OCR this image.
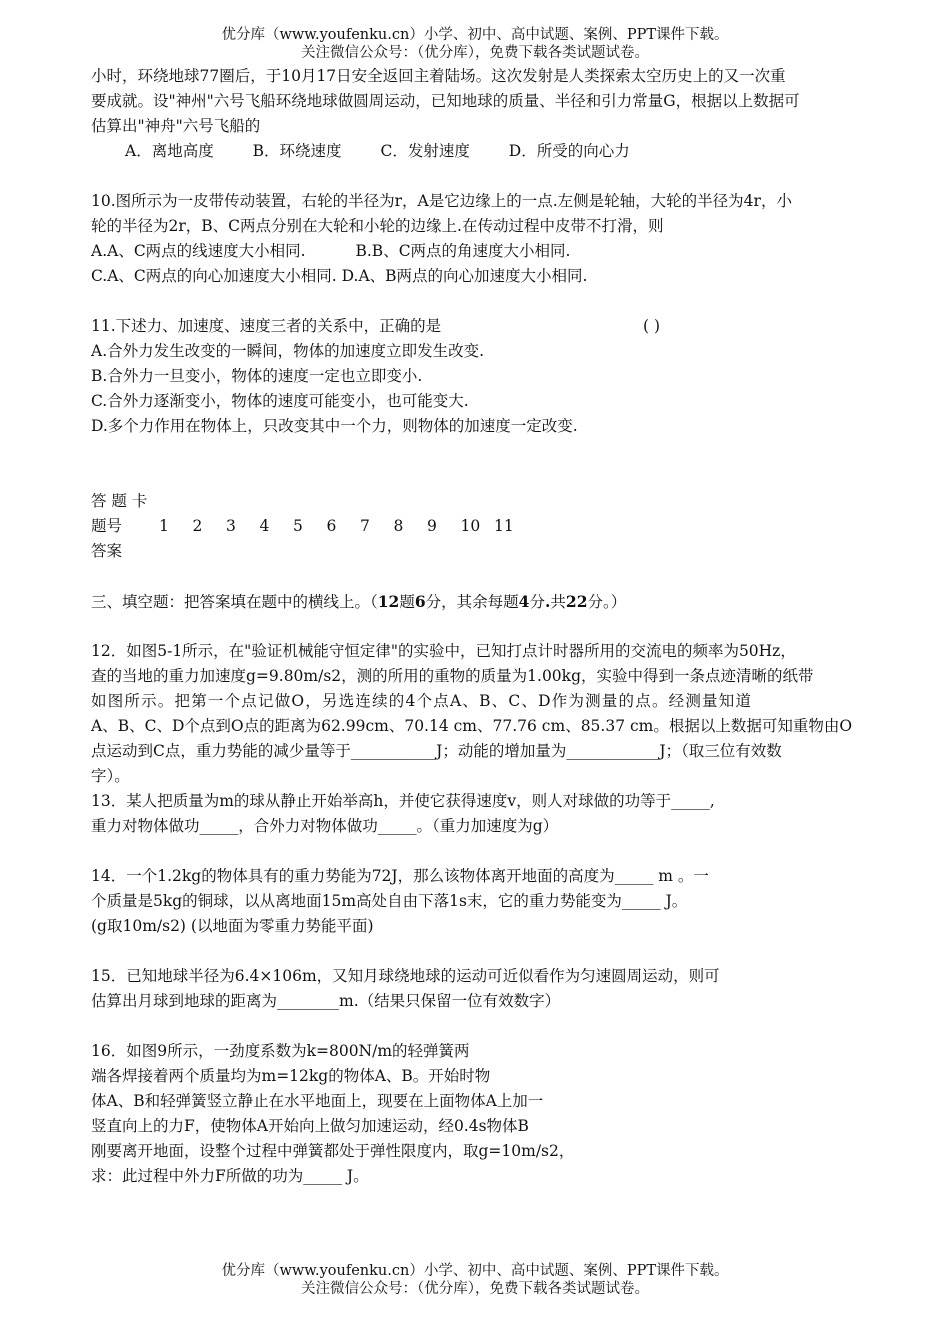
优分库（www.youfenku.cn）小学、初中、高中试题、案例、PPT课件下载。
关注微信公众号：（优分库），免费下载各类试题试卷。
小时，环绕地球77圈后，于10月17日安全返回主着陆场。这次发射是人类探索太空历史上的又一次重
要成就。设"神州"六号飞船环绕地球做圆周运动，已知地球的质量、半径和引力常量G，根据以上数据可
估算出"神舟"六号飞船的
A．离地高度	B．环绕速度	C．发射速度	D．所受的向心力
10.图所示为一皮带传动装置，右轮的半径为r，A是它边缘上的一点.左侧是轮轴，大轮的半径为4r，小
轮的半径为2r，B、C两点分别在大轮和小轮的边缘上.在传动过程中皮带不打滑，则
A.A、C两点的线速度大小相同.	B.B、C两点的角速度大小相同.
C.A、C两点的向心加速度大小相同. D.A、B两点的向心加速度大小相同.
11.下述力、加速度、速度三者的关系中，正确的是	( )
A.合外力发生改变的一瞬间，物体的加速度立即发生改变.
B.合外力一旦变小，物体的速度一定也立即变小.
C.合外力逐渐变小，物体的速度可能变小，也可能变大.
D.多个力作用在物体上，只改变其中一个力，则物体的加速度一定改变.
答 题 卡
题号 1 2 3 4 5 6 7 8 9 10 11
答案
三、填空题：把答案填在题中的横线上。（12题6分，其余每题4分.共22分。）
12．如图5-1所示，在"验证机械能守恒定律"的实验中，已知打点计时器所用的交流电的频率为50Hz，
查的当地的重力加速度g=9.80m/s2，测的所用的重物的质量为1.00kg，实验中得到一条点迹清晰的纸带
如图所示。把第一个点记做O，另选连续的4个点A、B、C、D作为测量的点。经测量知道
A、B、C、D个点到O点的距离为62.99cm、70.14 cm、77.76 cm、85.37 cm。根据以上数据可知重物由O
点运动到C点，重力势能的减少量等于___________J；动能的增加量为____________J；（取三位有效数
字）。
13．某人把质量为m的球从静止开始举高h，并使它获得速度v，则人对球做的功等于_____,
重力对物体做功_____，合外力对物体做功_____。（重力加速度为g）
14．一个1.2kg的物体具有的重力势能为72J，那么该物体离开地面的高度为_____ m 。一
个质量是5kg的铜球，以从离地面15m高处自由下落1s末，它的重力势能变为_____ J。
(g取10m/s2) (以地面为零重力势能平面)
15．已知地球半径为6.4×106m，又知月球绕地球的运动可近似看作为匀速圆周运动，则可
估算出月球到地球的距离为________m.（结果只保留一位有效数字）
16．如图9所示，一劲度系数为k=800N/m的轻弹簧两
端各焊接着两个质量均为m=12kg的物体A、B。开始时物
体A、B和轻弹簧竖立静止在水平地面上，现要在上面物体A上加一
竖直向上的力F，使物体A开始向上做匀加速运动，经0.4s物体B
刚要离开地面，设整个过程中弹簧都处于弹性限度内，取g=10m/s2，
求：此过程中外力F所做的功为_____ J。
优分库（www.youfenku.cn）小学、初中、高中试题、案例、PPT课件下载。
关注微信公众号：（优分库），免费下载各类试题试卷。
